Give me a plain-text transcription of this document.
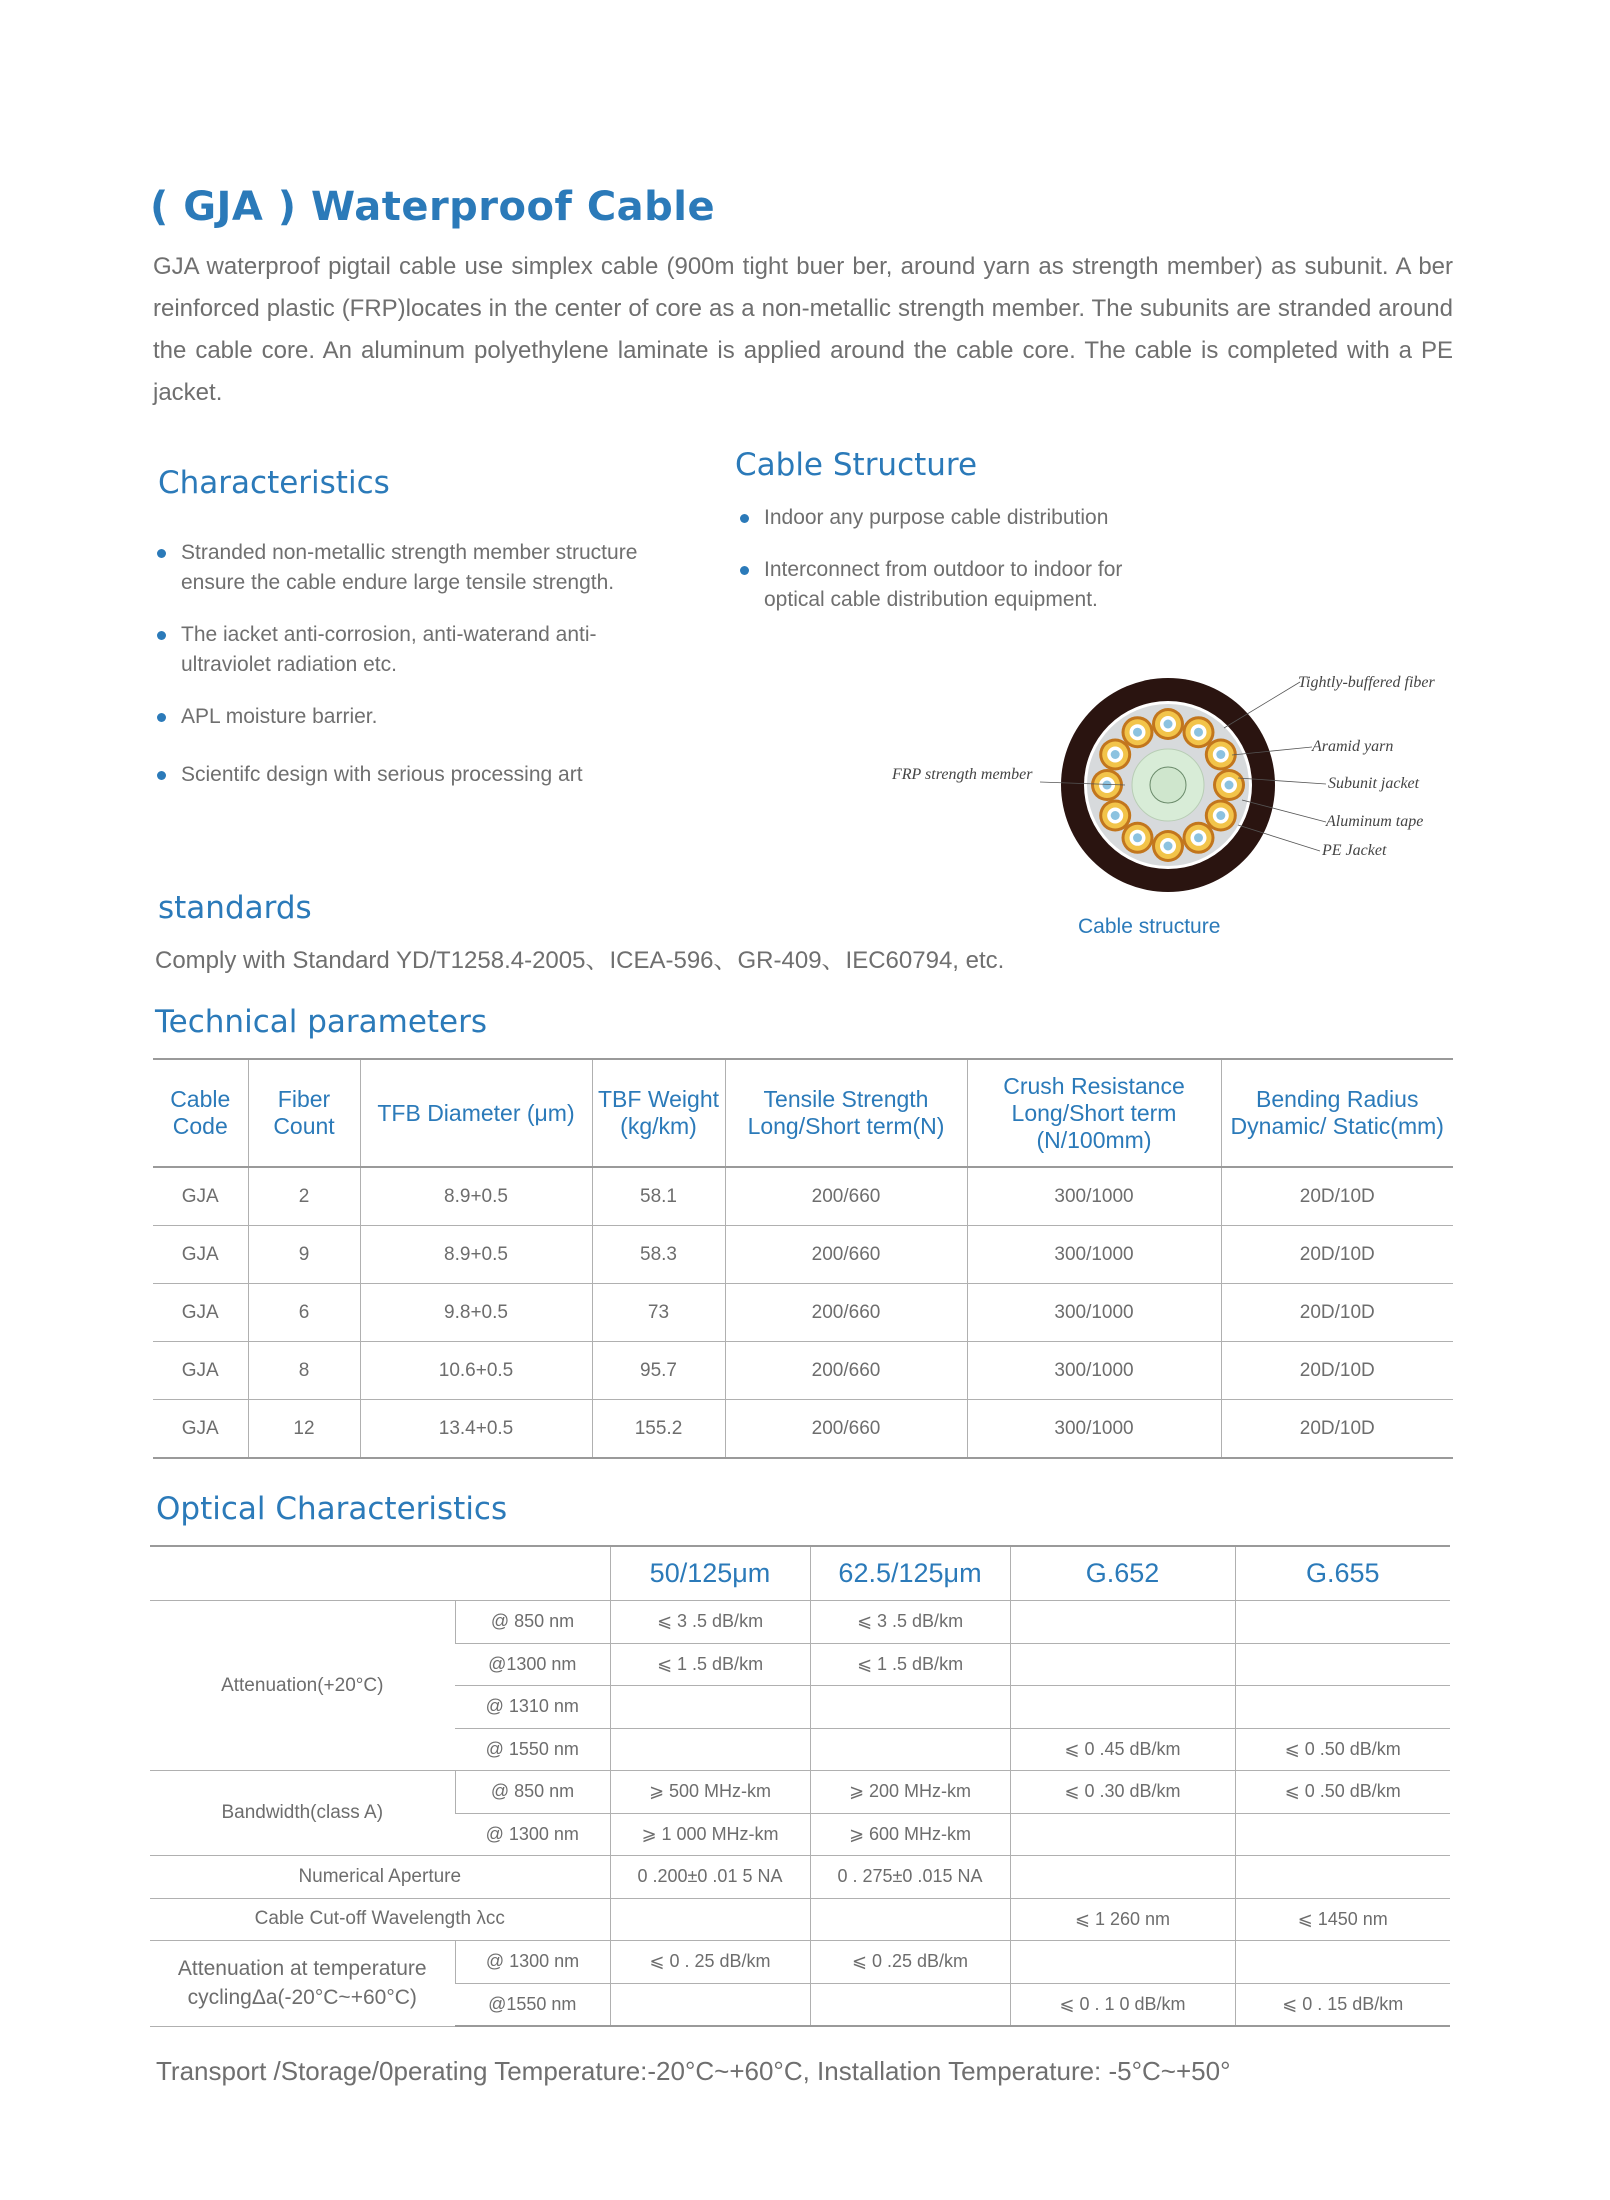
( GJA ) Waterproof Cable

GJA waterproof pigtail cable use simplex cable (900m tight buer ber, around yarn as strength member) as subunit. A ber reinforced plastic (FRP)locates in the center of core as a non-metallic strength member. The subunits are stranded around the cable core. An aluminum polyethylene laminate is applied around the cable core. The cable is completed with a PE jacket.

Characteristics
Stranded non-metallic strength member structure ensure the cable endure large tensile strength.
The iacket anti-corrosion, anti-waterand anti-ultraviolet radiation etc.
APL moisture barrier.
Scientifc design with serious processing art
Cable Structure
Indoor any purpose cable distribution
Interconnect from outdoor to indoor for optical cable distribution equipment.
FRP strength member
Tightly-buffered fiber
Aramid yarn
Subunit jacket
Aluminum tape
PE Jacket

Cable structure

standards

Comply with Standard YD/T1258.4-2005、ICEA-596、GR-409、IEC60794, etc.

Technical parameters
Cable Code	Fiber Count	TFB Diameter (μm)	TBF Weight (kg/km)	Tensile Strength Long/Short term(N)	Crush Resistance Long/Short term (N/100mm)	Bending Radius Dynamic/ Static(mm)
GJA	2	8.9+0.5	58.1	200/660	300/1000	20D/10D
GJA	9	8.9+0.5	58.3	200/660	300/1000	20D/10D
GJA	6	9.8+0.5	73	200/660	300/1000	20D/10D
GJA	8	10.6+0.5	95.7	200/660	300/1000	20D/10D
GJA	12	13.4+0.5	155.2	200/660	300/1000	20D/10D
Optical Characteristics
		50/125μm	62.5/125μm	G.652	G.655
Attenuation(+20°C)	@ 850 nm	⩽ 3 .5 dB/km	⩽ 3 .5 dB/km		
	@1300 nm	⩽ 1 .5 dB/km	⩽ 1 .5 dB/km		
	@ 1310 nm				
	@ 1550 nm			⩽ 0 .45 dB/km	⩽ 0 .50 dB/km
Bandwidth(class A)	@ 850 nm	⩾ 500 MHz-km	⩾ 200 MHz-km	⩽ 0 .30 dB/km	⩽ 0 .50 dB/km
	@ 1300 nm	⩾ 1 000 MHz-km	⩾ 600 MHz-km		
Numerical Aperture		0 .200±0 .01 5 NA	0 . 275±0 .015 NA		
Cable Cut-off Wavelength λcc				⩽ 1 260 nm	⩽ 1450 nm
Attenuation at temperature cyclingΔa(-20°C~+60°C)	@ 1300 nm	⩽ 0 . 25 dB/km	⩽ 0 .25 dB/km		
	@1550 nm			⩽ 0 . 1 0 dB/km	⩽ 0 . 15 dB/km

Transport /Storage/0perating Temperature:-20°C~+60°C, Installation Temperature: -5°C~+50°
